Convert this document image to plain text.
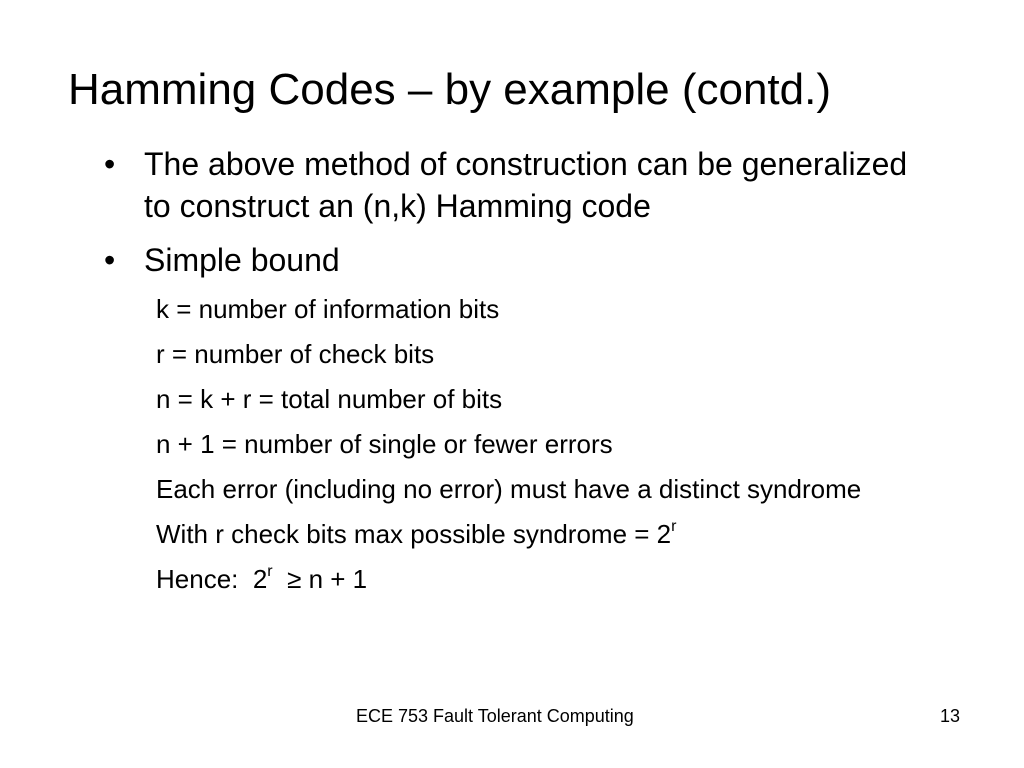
Hamming Codes – by example (contd.)
• The above method of construction can be generalized to construct an (n,k) Hamming code
• Simple bound
k = number of information bits
r = number of check bits
n = k + r = total number of bits
n + 1 = number of single or fewer errors
Each error (including no error) must have a distinct syndrome
With r check bits max possible syndrome = $2^r$
Hence:  2$^r$  ≥ n + 1
ECE 753 Fault Tolerant Computing	13
